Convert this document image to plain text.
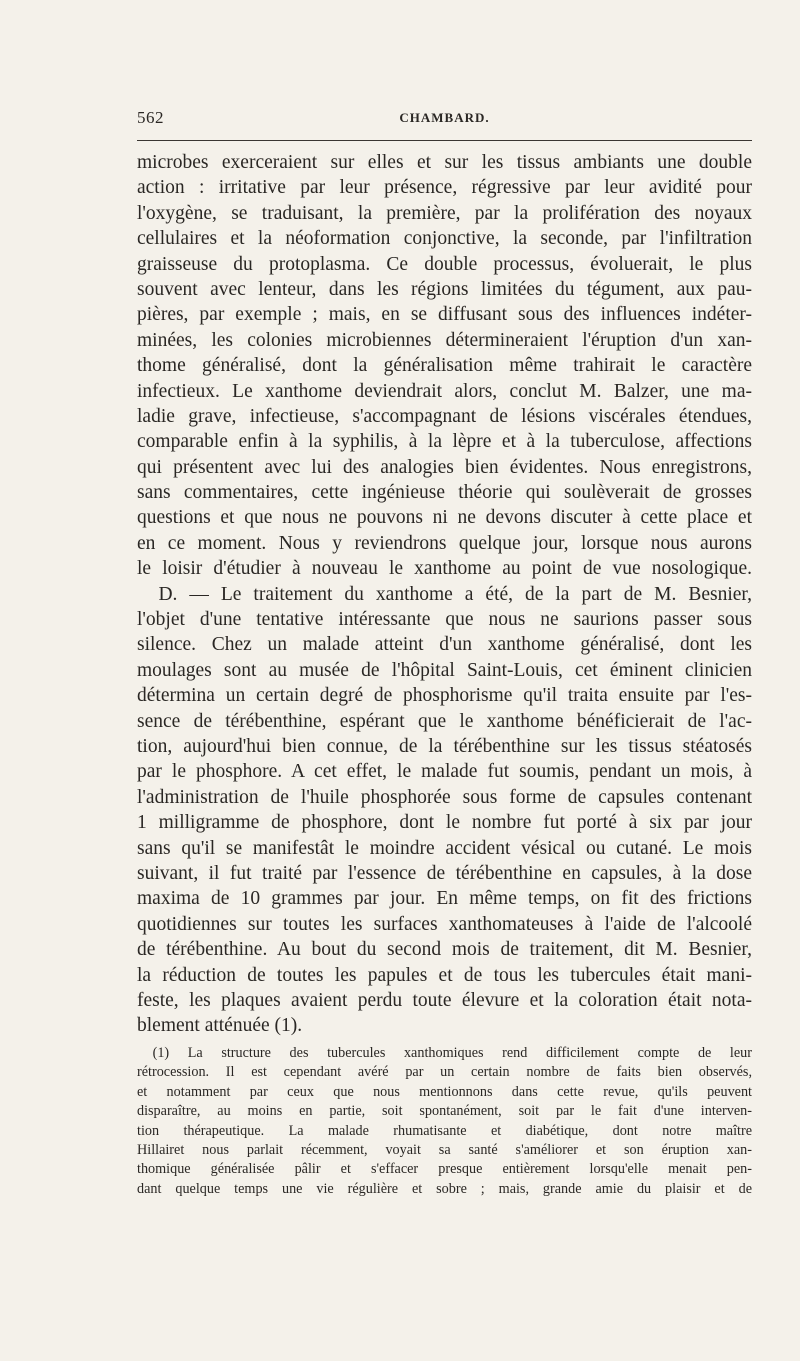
562	CHAMBARD.
microbes exerceraient sur elles et sur les tissus ambiants une double
action : irritative par leur présence, régressive par leur avidité pour
l'oxygène, se traduisant, la première, par la prolifération des noyaux
cellulaires et la néoformation conjonctive, la seconde, par l'infiltration
graisseuse du protoplasma. Ce double processus, évoluerait, le plus
souvent avec lenteur, dans les régions limitées du tégument, aux pau-
pières, par exemple ; mais, en se diffusant sous des influences indéter-
minées, les colonies microbiennes détermineraient l'éruption d'un xan-
thome généralisé, dont la généralisation même trahirait le caractère
infectieux. Le xanthome deviendrait alors, conclut M. Balzer, une ma-
ladie grave, infectieuse, s'accompagnant de lésions viscérales étendues,
comparable enfin à la syphilis, à la lèpre et à la tuberculose, affections
qui présentent avec lui des analogies bien évidentes. Nous enregistrons,
sans commentaires, cette ingénieuse théorie qui soulèverait de grosses
questions et que nous ne pouvons ni ne devons discuter à cette place et
en ce moment. Nous y reviendrons quelque jour, lorsque nous aurons
le loisir d'étudier à nouveau le xanthome au point de vue nosologique.
D. — Le traitement du xanthome a été, de la part de M. Besnier,
l'objet d'une tentative intéressante que nous ne saurions passer sous
silence. Chez un malade atteint d'un xanthome généralisé, dont les
moulages sont au musée de l'hôpital Saint-Louis, cet éminent clinicien
détermina un certain degré de phosphorisme qu'il traita ensuite par l'es-
sence de térébenthine, espérant que le xanthome bénéficierait de l'ac-
tion, aujourd'hui bien connue, de la térébenthine sur les tissus stéatosés
par le phosphore. A cet effet, le malade fut soumis, pendant un mois, à
l'administration de l'huile phosphorée sous forme de capsules contenant
1 milligramme de phosphore, dont le nombre fut porté à six par jour
sans qu'il se manifestât le moindre accident vésical ou cutané. Le mois
suivant, il fut traité par l'essence de térébenthine en capsules, à la dose
maxima de 10 grammes par jour. En même temps, on fit des frictions
quotidiennes sur toutes les surfaces xanthomateuses à l'aide de l'alcoolé
de térébenthine. Au bout du second mois de traitement, dit M. Besnier,
la réduction de toutes les papules et de tous les tubercules était mani-
feste, les plaques avaient perdu toute élevure et la coloration était nota-
blement atténuée (1).
(1) La structure des tubercules xanthomiques rend difficilement compte de leur
rétrocession. Il est cependant avéré par un certain nombre de faits bien observés,
et notamment par ceux que nous mentionnons dans cette revue, qu'ils peuvent
disparaître, au moins en partie, soit spontanément, soit par le fait d'une interven-
tion thérapeutique. La malade rhumatisante et diabétique, dont notre maître
Hillairet nous parlait récemment, voyait sa santé s'améliorer et son éruption xan-
thomique généralisée pâlir et s'effacer presque entièrement lorsqu'elle menait pen-
dant quelque temps une vie régulière et sobre ; mais, grande amie du plaisir et de
